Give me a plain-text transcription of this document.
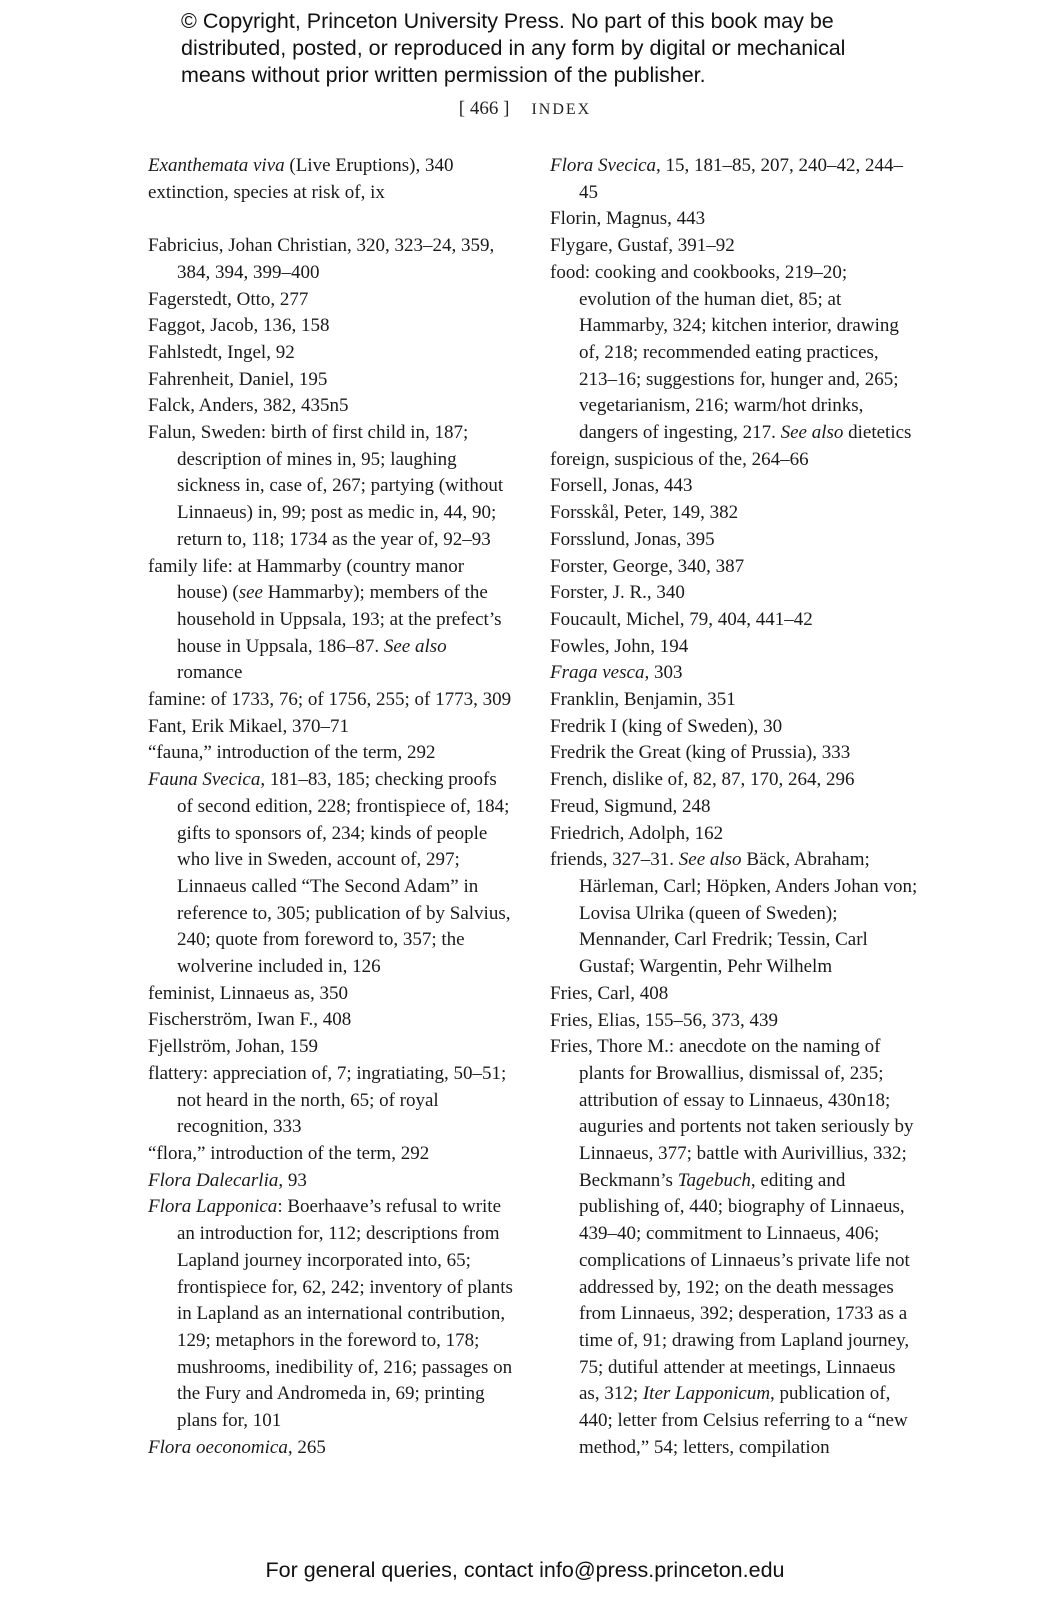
© Copyright, Princeton University Press. No part of this book may be
distributed, posted, or reproduced in any form by digital or mechanical
means without prior written permission of the publisher.
[ 466 ] INDEX

Exanthemata viva (Live Eruptions), 340

extinction, species at risk of, ix

Fabricius, Johan Christian, 320, 323–24, 359, 384, 394, 399–400

Fagerstedt, Otto, 277

Faggot, Jacob, 136, 158

Fahlstedt, Ingel, 92

Fahrenheit, Daniel, 195

Falck, Anders, 382, 435n5

Falun, Sweden: birth of first child in, 187; description of mines in, 95; laughing sickness in, case of, 267; partying (without Linnaeus) in, 99; post as medic in, 44, 90; return to, 118; 1734 as the year of, 92–93

family life: at Hammarby (country manor house) (see Hammarby); members of the household in Uppsala, 193; at the prefect’s house in Uppsala, 186–87. See also romance

famine: of 1733, 76; of 1756, 255; of 1773, 309

Fant, Erik Mikael, 370–71

“fauna,” introduction of the term, 292

Fauna Svecica, 181–83, 185; checking proofs of second edition, 228; frontispiece of, 184; gifts to sponsors of, 234; kinds of people who live in Sweden, account of, 297; Linnaeus called “The Second Adam” in reference to, 305; publication of by Salvius, 240; quote from foreword to, 357; the wolverine included in, 126

feminist, Linnaeus as, 350

Fischerström, Iwan F., 408

Fjellström, Johan, 159

flattery: appreciation of, 7; ingratiating, 50–51; not heard in the north, 65; of royal recognition, 333

“flora,” introduction of the term, 292

Flora Dalecarlia, 93

Flora Lapponica: Boerhaave’s refusal to write an introduction for, 112; descriptions from Lapland journey incorporated into, 65; frontispiece for, 62, 242; inventory of plants in Lapland as an international contribution, 129; metaphors in the foreword to, 178; mushrooms, inedibility of, 216; passages on the Fury and Andromeda in, 69; printing plans for, 101

Flora oeconomica, 265

Flora Svecica, 15, 181–85, 207, 240–42, 244–45

Florin, Magnus, 443

Flygare, Gustaf, 391–92

food: cooking and cookbooks, 219–20; evolution of the human diet, 85; at Hammarby, 324; kitchen interior, drawing of, 218; recommended eating practices, 213–16; suggestions for, hunger and, 265; vegetarianism, 216; warm/hot drinks, dangers of ingesting, 217. See also dietetics

foreign, suspicious of the, 264–66

Forsell, Jonas, 443

Forsskål, Peter, 149, 382

Forsslund, Jonas, 395

Forster, George, 340, 387

Forster, J. R., 340

Foucault, Michel, 79, 404, 441–42

Fowles, John, 194

Fraga vesca, 303

Franklin, Benjamin, 351

Fredrik I (king of Sweden), 30

Fredrik the Great (king of Prussia), 333

French, dislike of, 82, 87, 170, 264, 296

Freud, Sigmund, 248

Friedrich, Adolph, 162

friends, 327–31. See also Bäck, Abraham; Härleman, Carl; Höpken, Anders Johan von; Lovisa Ulrika (queen of Sweden); Mennander, Carl Fredrik; Tessin, Carl Gustaf; Wargentin, Pehr Wilhelm

Fries, Carl, 408

Fries, Elias, 155–56, 373, 439

Fries, Thore M.: anecdote on the naming of plants for Browallius, dismissal of, 235; attribution of essay to Linnaeus, 430n18; auguries and portents not taken seriously by Linnaeus, 377; battle with Aurivillius, 332; Beckmann’s Tagebuch, editing and publishing of, 440; biography of Linnaeus, 439–40; commitment to Linnaeus, 406; complications of Linnaeus’s private life not addressed by, 192; on the death messages from Linnaeus, 392; desperation, 1733 as a time of, 91; drawing from Lapland journey, 75; dutiful attender at meetings, Linnaeus as, 312; Iter Lapponicum, publication of, 440; letter from Celsius referring to a “new method,” 54; letters, compilation

For general queries, contact info@press.princeton.edu
